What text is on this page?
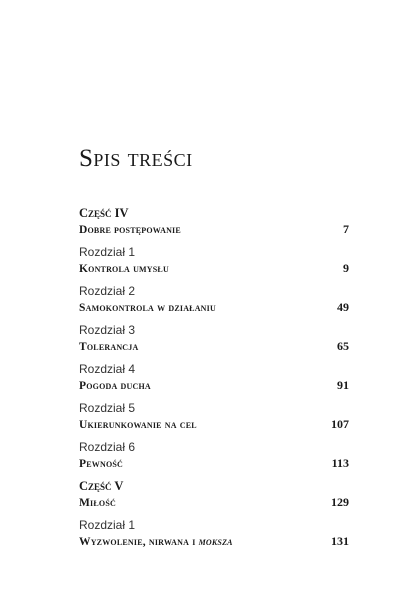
Spis treści
Część IV
Dobre postępowanie	7
Rozdział 1
Kontrola umysłu	9
Rozdział 2
Samokontrola w działaniu	49
Rozdział 3
Tolerancja	65
Rozdział 4
Pogoda ducha	91
Rozdział 5
Ukierunkowanie na cel	107
Rozdział 6
Pewność	113
Część V
Miłość	129
Rozdział 1
Wyzwolenie, nirwana i moksza	131
